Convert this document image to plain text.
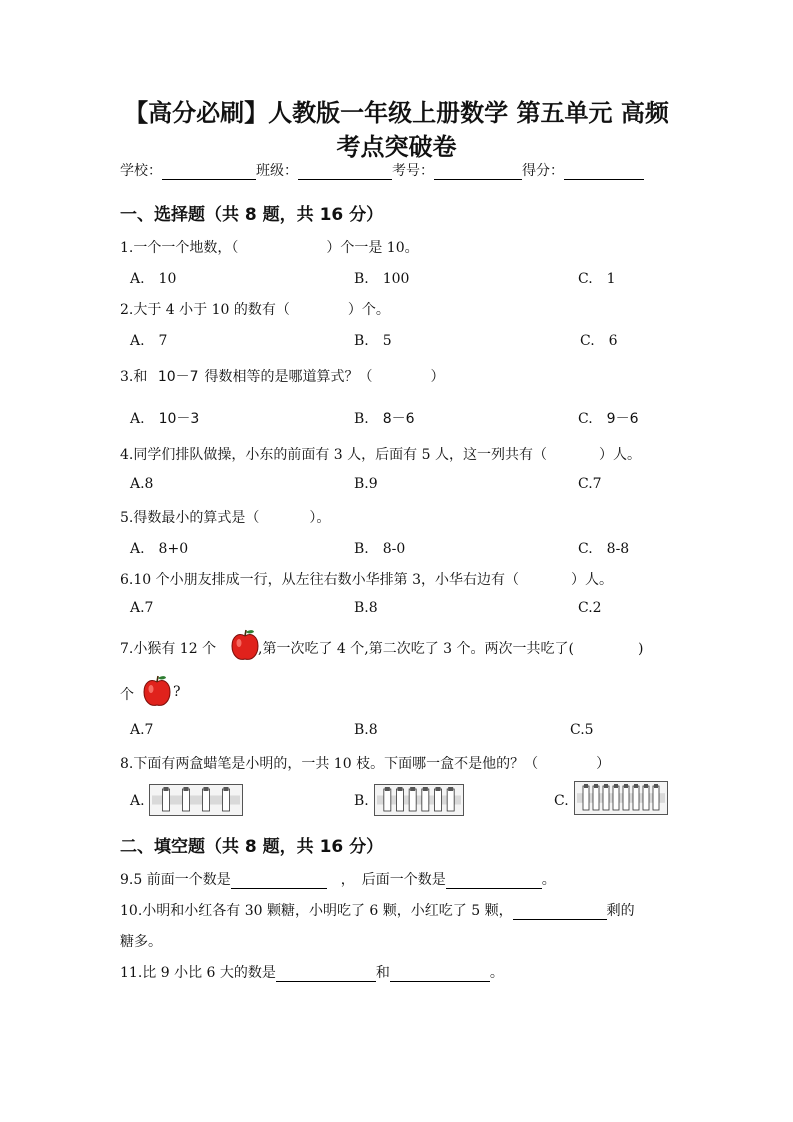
【高分必刷】人教版一年级上册数学 第五单元 高频
考点突破卷
学校：	班级：	考号：	得分：
一、选择题（共 8 题，共 16 分）
1.一个一个地数，（	）个一是 10。
A.　10	B.　100	C.　1
2.大于 4 小于 10 的数有（	）个。
A.　7	B.　5	C.　6
3.和 10－7 得数相等的是哪道算式？（	）
A.　 10－3	B.　 8－6	C.　 9－6
4.同学们排队做操，小东的前面有 3 人，后面有 5 人，这一列共有（	）人。
A.8	B.9	C.7
5.得数最小的算式是（	）。
A.　8+0	B.　8-0	C.　8-8
6.10 个小朋友排成一行，从左往右数小华排第 3，小华右边有（	）人。
A.7	B.8	C.2
7.小猴有 12 个	,第一次吃了 4 个,第二次吃了 3 个。两次一共吃了(	)
个	?
A.7	B.8	C.5
8.下面有两盒蜡笔是小明的，一共 10 枝。下面哪一盒不是他的？（	）
A.	B.	C.
二、填空题（共 8 题，共 16 分）
9.5 前面一个数是　	，　后面一个数是	。
10.小明和小红各有 30 颗糖，小明吃了 6 颗，小红吃了 5 颗，	剩的
糖多。
11.比 9 小比 6 大的数是	和	。
